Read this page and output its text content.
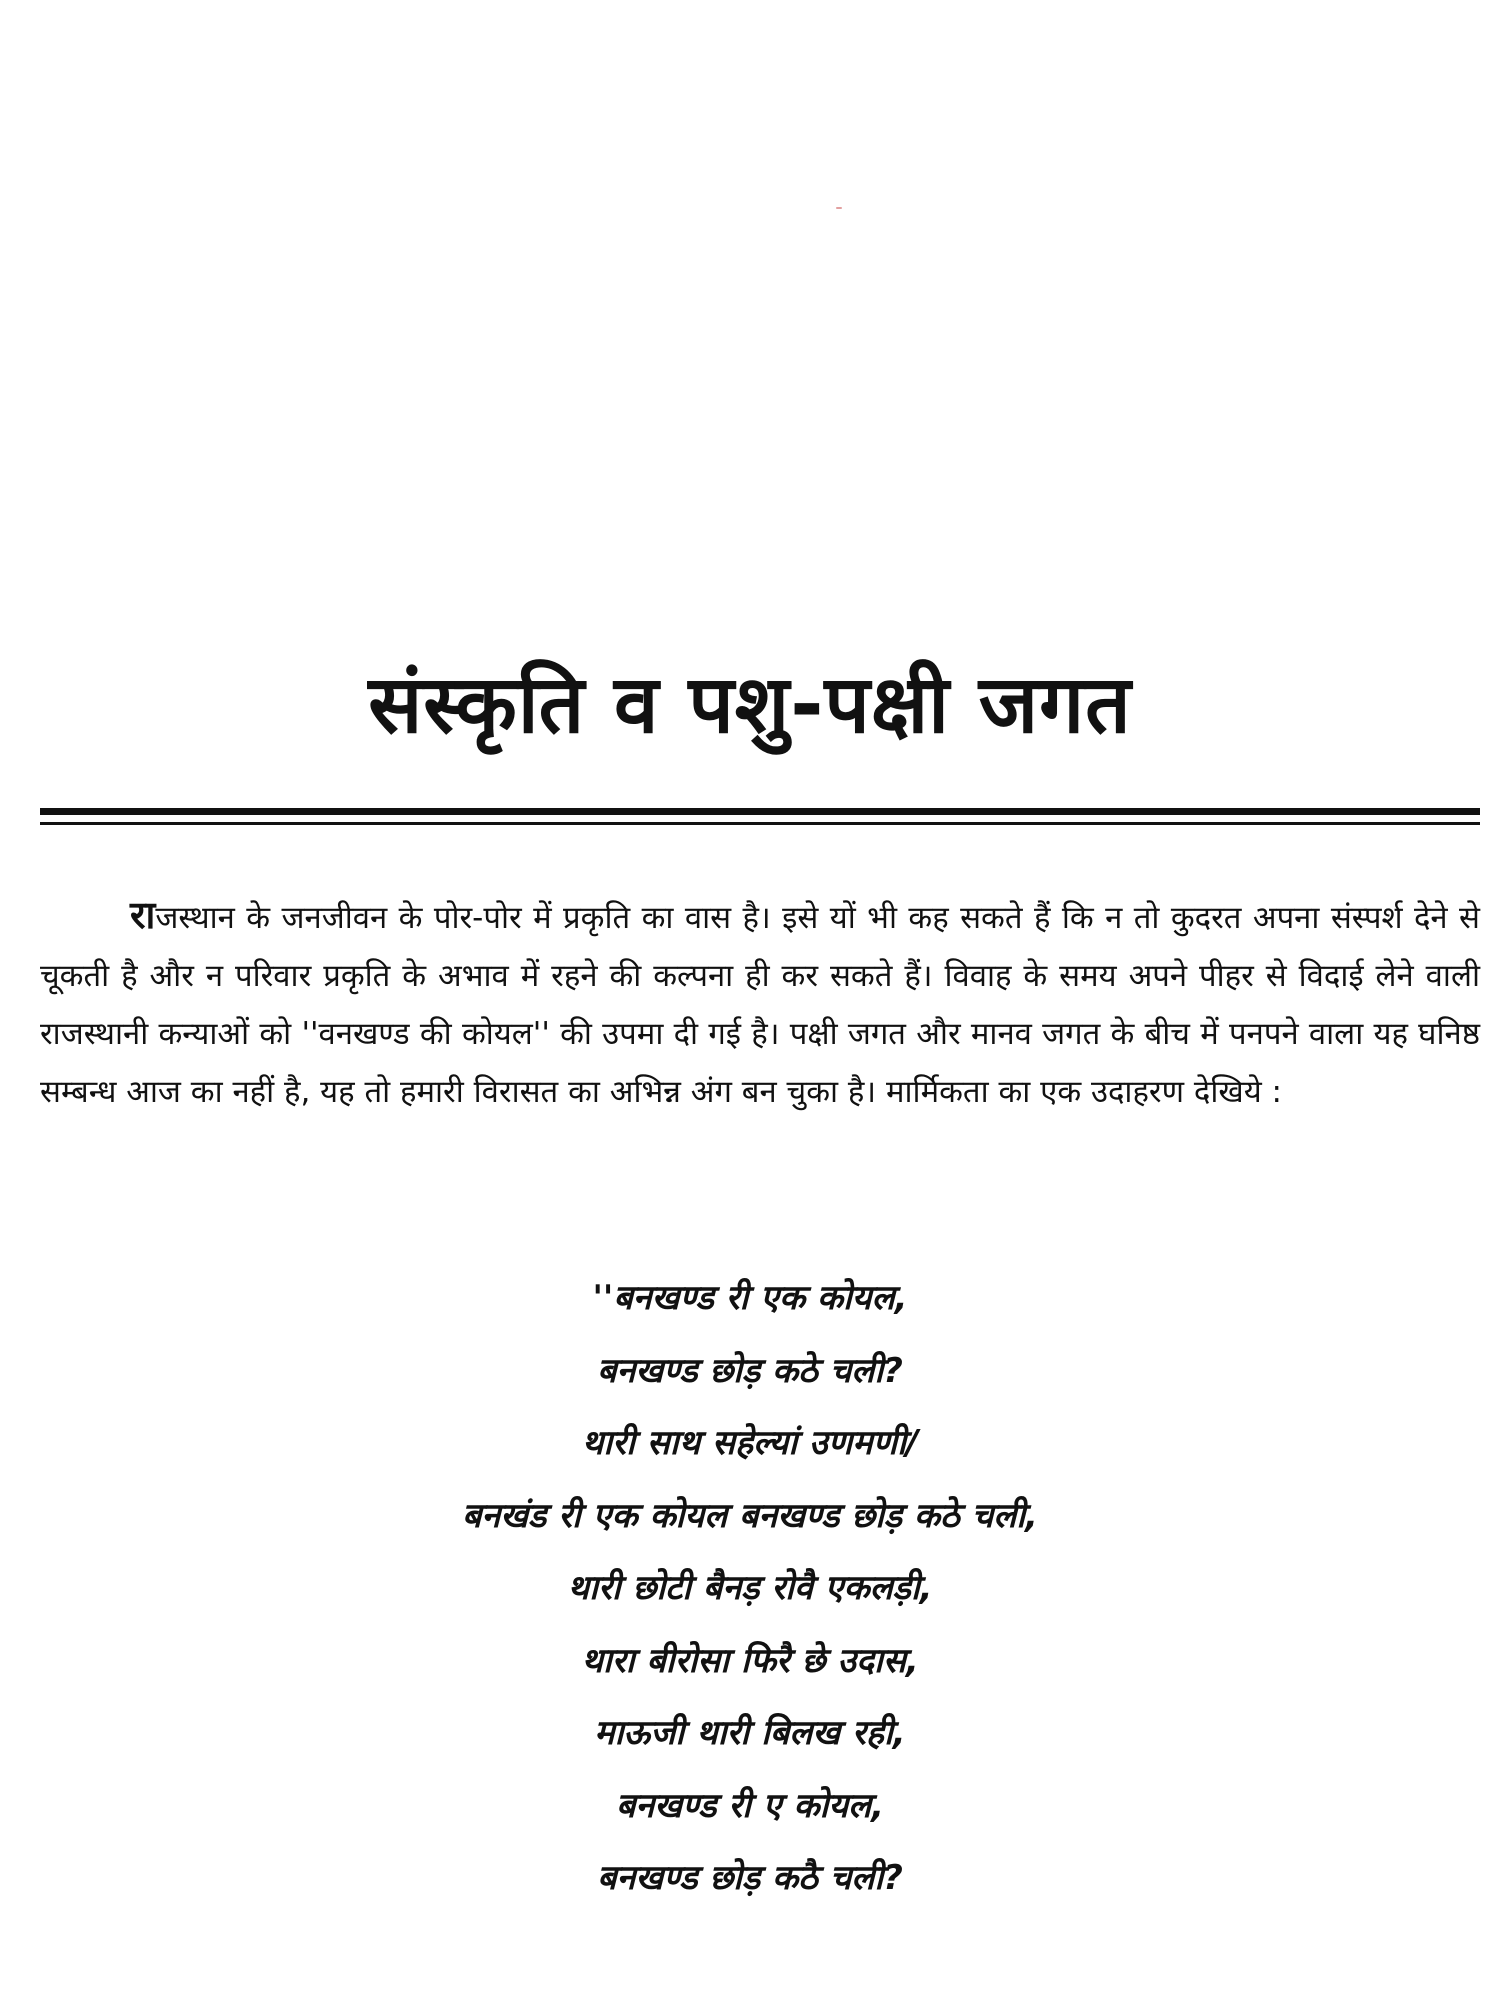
संस्कृति व पशु-पक्षी जगत

राजस्थान के जनजीवन के पोर-पोर में प्रकृति का वास है। इसे यों भी कह सकते हैं कि न तो कुदरत अपना संस्पर्श देने से चूकती है और न परिवार प्रकृति के अभाव में रहने की कल्पना ही कर सकते हैं। विवाह के समय अपने पीहर से विदाई लेने वाली राजस्थानी कन्याओं को ''वनखण्ड की कोयल'' की उपमा दी गई है। पक्षी जगत और मानव जगत के बीच में पनपने वाला यह घनिष्ठ सम्बन्ध आज का नहीं है, यह तो हमारी विरासत का अभिन्न अंग बन चुका है। मार्मिकता का एक उदाहरण देखिये :

''बनखण्ड री एक कोयल,
बनखण्ड छोड़ कठे चली?
थारी साथ सहेल्यां उणमणी/
बनखंड री एक कोयल बनखण्ड छोड़ कठे चली,
थारी छोटी बैनड़ रोवै एकलड़ी,
थारा बीरोसा फिरै छे उदास,
माऊजी थारी बिलख रही,
बनखण्ड री ए कोयल,
बनखण्ड छोड़ कठै चली?
